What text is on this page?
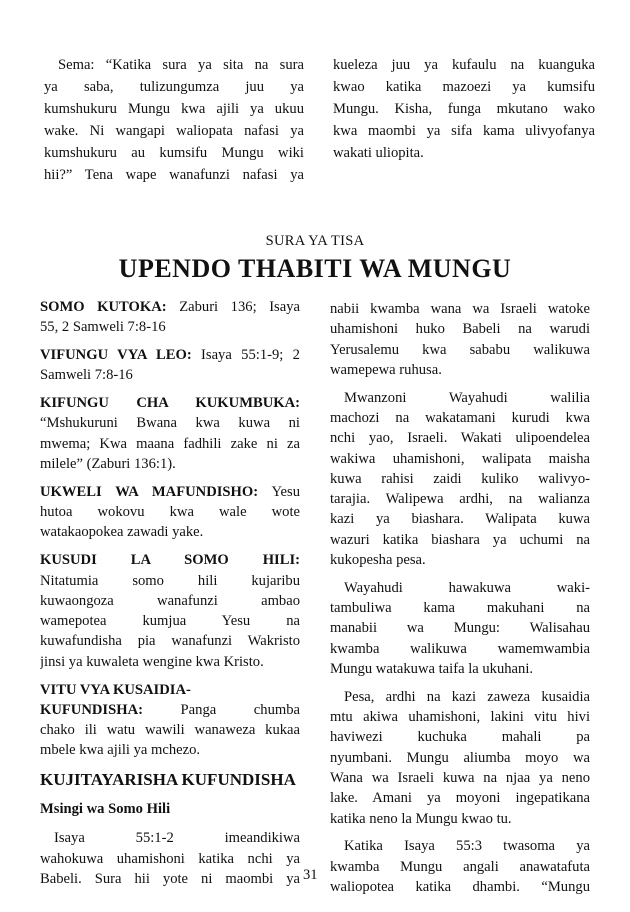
Sema: “Katika sura ya sita na sura
ya saba, tulizungumza juu ya
kumshukuru Mungu kwa ajili ya ukuu
wake. Ni wangapi waliopata nafasi ya
kumshukuru au kumsifu Mungu wiki
hii?” Tena wape wanafunzi nafasi ya
kueleza juu ya kufaulu na kuanguka
kwao katika mazoezi ya kumsifu
Mungu. Kisha, funga mkutano wako
kwa maombi ya sifa kama ulivyofanya
wakati uliopita.
SURA YA TISA
UPENDO THABITI WA MUNGU
SOMO KUTOKA: Zaburi 136; Isaya
55, 2 Samweli 7:8-16
VIFUNGU VYA LEO: Isaya 55:1-9; 2
Samweli 7:8-16
KIFUNGU CHA KUKUMBUKA:
“Mshukuruni Bwana kwa kuwa ni
mwema; Kwa maana fadhili zake ni za
milele” (Zaburi 136:1).
UKWELI WA MAFUNDISHO: Yesu
hutoa wokovu kwa wale wote
watakaopokea zawadi yake.
KUSUDI LA SOMO HILI:
Nitatumia somo hili kujaribu
kuwaongoza wanafunzi ambao
wamepotea kumjua Yesu na
kuwafundisha pia wanafunzi Wakristo
jinsi ya kuwaleta wengine kwa Kristo.
VITU VYA KUSAIDIA-
KUFUNDISHA: Panga chumba
chako ili watu wawili wanaweza kukaa
mbele kwa ajili ya mchezo.
KUJITAYARISHA KUFUNDISHA
Msingi wa Somo Hili
Isaya 55:1-2 imeandikiwa
wahokuwa uhamishoni katika nchi ya
Babeli. Sura hii yote ni maombi ya
nabii kwamba wana wa Israeli watoke
uhamishoni huko Babeli na warudi
Yerusalemu kwa sababu walikuwa
wamepewa ruhusa.
Mwanzoni Wayahudi walilia
machozi na wakatamani kurudi kwa
nchi yao, Israeli. Wakati ulipoendelea
wakiwa uhamishoni, walipata maisha
kuwa rahisi zaidi kuliko walivyo-
tarajia. Walipewa ardhi, na walianza
kazi ya biashara. Walipata kuwa
wazuri katika biashara ya uchumi na
kukopesha pesa.
Wayahudi hawakuwa waki-
tambuliwa kama makuhani na
manabii wa Mungu: Walisahau
kwamba walikuwa wamemwambia
Mungu watakuwa taifa la ukuhani.
Pesa, ardhi na kazi zaweza kusaidia
mtu akiwa uhamishoni, lakini vitu hivi
haviwezi kuchuka mahali pa
nyumbani. Mungu aliumba moyo wa
Wana wa Israeli kuwa na njaa ya neno
lake. Amani ya moyoni ingepatikana
katika neno la Mungu kwao tu.
Katika Isaya 55:3 twasoma ya
kwamba Mungu angali anawatafuta
waliopotea katika dhambi. “Mungu
31
